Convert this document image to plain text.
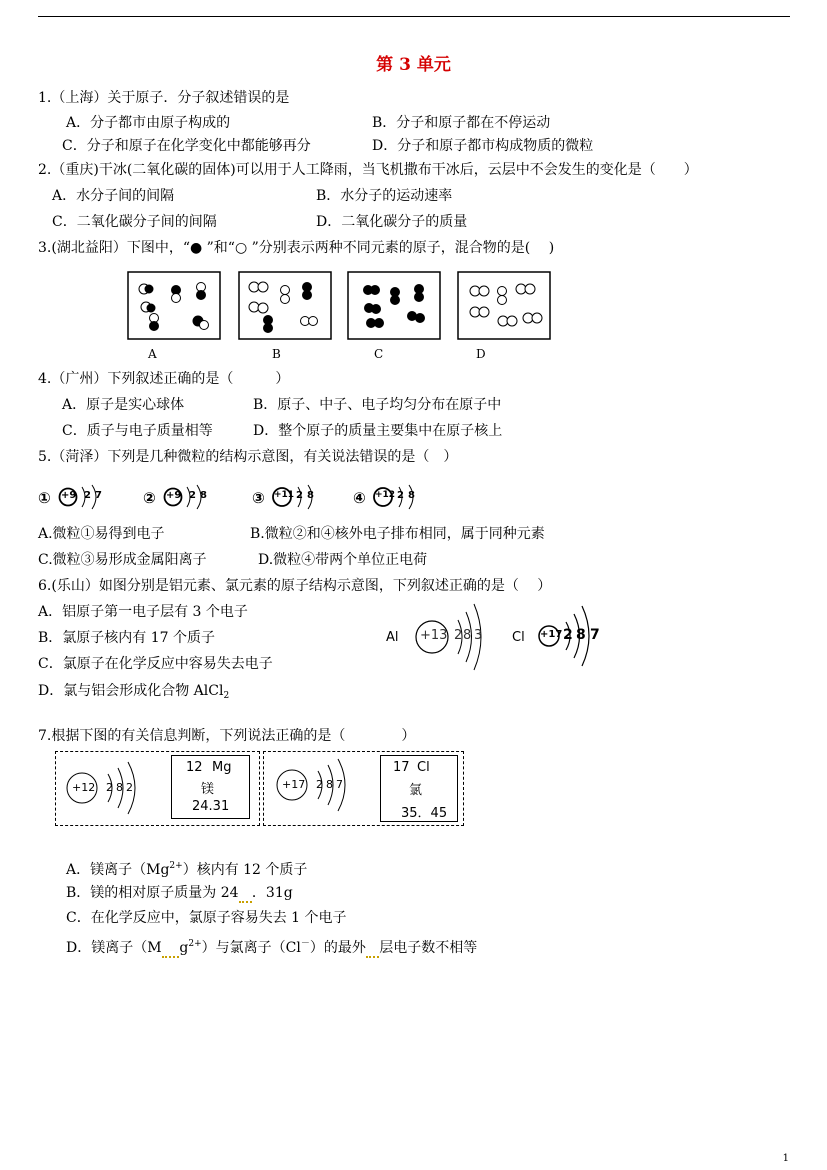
第 3 单元
1.（上海）关于原子．分子叙述错误的是
A．分子都市由原子构成的	B．分子和原子都在不停运动
C．分子和原子在化学变化中都能够再分	D．分子和原子都市构成物质的微粒
2.（重庆)干冰(二氧化碳的固体)可以用于人工降雨，当飞机撒布干冰后，云层中不会发生的变化是（　　）
A．水分子间的间隔	B．水分子的运动速率
C．二氧化碳分子间的间隔	D．二氧化碳分子的质量
3.(湖北益阳）下图中，“● ”和“○ ”分别表示两种不同元素的原子，混合物的是(　 )
A	B	C	D
4.（广州）下列叙述正确的是（　　　）
A．原子是实心球体	B．原子、中子、电子均匀分布在原子中
C．质子与电子质量相等	D．整个原子的质量主要集中在原子核上
5.（菏泽）下列是几种微粒的结构示意图，有关说法错误的是（　）
① +9 2 7	② +9 2 8	③ +11 2 8	④ +12 2 8
A.微粒①易得到电子	B.微粒②和④核外电子排布相同，属于同种元素
C.微粒③易形成金属阳离子	D.微粒④带两个单位正电荷
6.(乐山）如图分别是铝元素、氯元素的原子结构示意图，下列叙述正确的是（　 ）
A．铝原子第一电子层有 3 个电子
B．氯原子核内有 17 个质子
C．氯原子在化学反应中容易失去电子
D．氯与铝会形成化合物 AlCl$_2$
Al +13 2 8 3 Cl +17 2 8 7
7.根据下图的有关信息判断，下列说法正确的是（　　　　）
+12 2 8 2
12 Mg
镁
24.31
+17 2 8 7
17 Cl
氯
35．45
A．镁离子$(Mg^{2+})$核内有 12 个质子
B．镁的相对原子质量为 24 ．31g
C．在化学反应中，氯原子容易失去 1 个电子
D．镁离子（M $g^{2+}$）与氯离子（Cl－）的最外 层电子数不相等
1
